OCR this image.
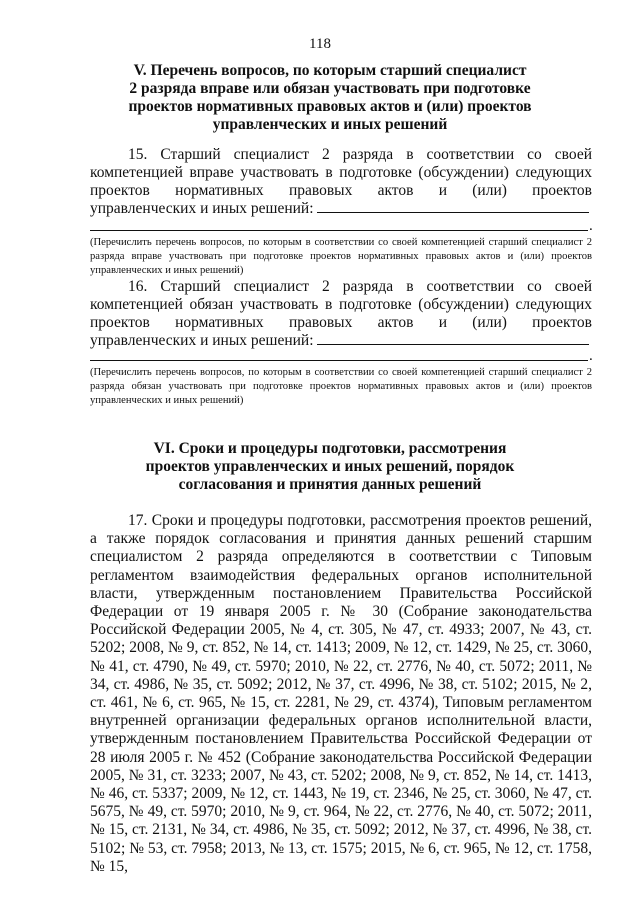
118
V. Перечень вопросов, по которым старший специалист
2 разряда вправе или обязан участвовать при подготовке
проектов нормативных правовых актов и (или) проектов
управленческих и иных решений
15. Старший специалист 2 разряда в соответствии со своей
компетенцией вправе участвовать в подготовке (обсуждении) следующих
проектов нормативных правовых актов и (или) проектов
управленческих и иных решений:
.
(Перечислить перечень вопросов, по которым в соответствии со своей компетенцией старший специалист 2 разряда вправе участвовать при подготовке проектов нормативных правовых актов и (или) проектов управленческих и иных решений)
16. Старший специалист 2 разряда в соответствии со своей
компетенцией обязан участвовать в подготовке (обсуждении) следующих
проектов нормативных правовых актов и (или) проектов
управленческих и иных решений:
.
(Перечислить перечень вопросов, по которым в соответствии со своей компетенцией старший специалист 2 разряда обязан участвовать при подготовке проектов нормативных правовых актов и (или) проектов управленческих и иных решений)
VI. Сроки и процедуры подготовки, рассмотрения
проектов управленческих и иных решений, порядок
согласования и принятия данных решений
17. Сроки и процедуры подготовки, рассмотрения проектов решений, а также порядок согласования и принятия данных решений старшим специалистом 2 разряда определяются в соответствии с Типовым регламентом взаимодействия федеральных органов исполнительной власти, утвержденным постановлением Правительства Российской Федерации от 19 января 2005 г. № 30 (Собрание законодательства Российской Федерации 2005, № 4, ст. 305, № 47, ст. 4933; 2007, № 43, ст. 5202; 2008, № 9, ст. 852, № 14, ст. 1413; 2009, № 12, ст. 1429, № 25, ст. 3060, № 41, ст. 4790, № 49, ст. 5970; 2010, № 22, ст. 2776, № 40, ст. 5072; 2011, № 34, ст. 4986, № 35, ст. 5092; 2012, № 37, ст. 4996, № 38, ст. 5102; 2015, № 2, ст. 461, № 6, ст. 965, № 15, ст. 2281, № 29, ст. 4374), Типовым регламентом внутренней организации федеральных органов исполнительной власти, утвержденным постановлением Правительства Российской Федерации от 28 июля 2005 г. № 452 (Собрание законодательства Российской Федерации 2005, № 31, ст. 3233; 2007, № 43, ст. 5202; 2008, № 9, ст. 852, № 14, ст. 1413, № 46, ст. 5337; 2009, № 12, ст. 1443, № 19, ст. 2346, № 25, ст. 3060, № 47, ст. 5675, № 49, ст. 5970; 2010, № 9, ст. 964, № 22, ст. 2776, № 40, ст. 5072; 2011, № 15, ст. 2131, № 34, ст. 4986, № 35, ст. 5092; 2012, № 37, ст. 4996, № 38, ст. 5102; № 53, ст. 7958; 2013, № 13, ст. 1575; 2015, № 6, ст. 965, № 12, ст. 1758, № 15,
